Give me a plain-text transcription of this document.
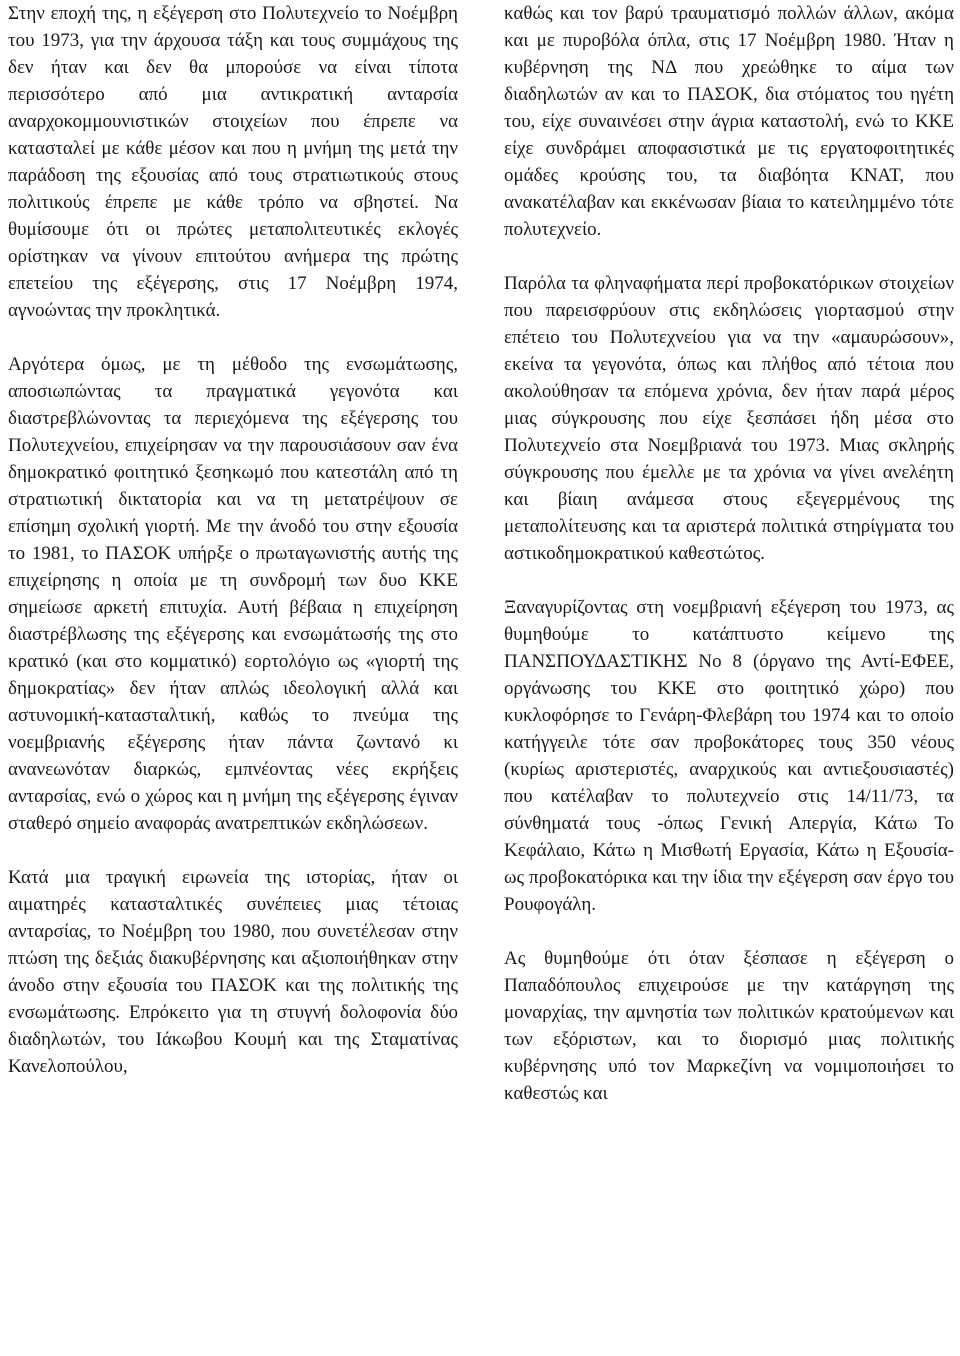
Στην εποχή της, η εξέγερση στο Πολυτεχνείο το Νοέμβρη του 1973, για την άρχουσα τάξη και τους συμμάχους της δεν ήταν και δεν θα μπορούσε να είναι τίποτα περισσότερο από μια αντικρατική ανταρσία αναρχοκομμουνιστικών στοιχείων που έπρεπε να κατασταλεί με κάθε μέσον και που η μνήμη της μετά την παράδοση της εξουσίας από τους στρατιωτικούς στους πολιτικούς έπρεπε με κάθε τρόπο να σβηστεί. Να θυμίσουμε ότι οι πρώτες μεταπολιτευτικές εκλογές ορίστηκαν να γίνουν επιτούτου ανήμερα της πρώτης επετείου της εξέγερσης, στις 17 Νοέμβρη 1974, αγνοώντας την προκλητικά.

Αργότερα όμως, με τη μέθοδο της ενσωμάτωσης, αποσιωπώντας τα πραγματικά γεγονότα και διαστρεβλώνοντας τα περιεχόμενα της εξέγερσης του Πολυτεχνείου, επιχείρησαν να την παρουσιάσουν σαν ένα δημοκρατικό φοιτητικό ξεσηκωμό που κατεστάλη από τη στρατιωτική δικτατορία και να τη μετατρέψουν σε επίσημη σχολική γιορτή. Με την άνοδό του στην εξουσία το 1981, το ΠΑΣΟΚ υπήρξε ο πρωταγωνιστής αυτής της επιχείρησης η οποία με τη συνδρομή των δυο ΚΚΕ σημείωσε αρκετή επιτυχία. Αυτή βέβαια η επιχείρηση διαστρέβλωσης της εξέγερσης και ενσωμάτωσής της στο κρατικό (και στο κομματικό) εορτολόγιο ως «γιορτή της δημοκρατίας» δεν ήταν απλώς ιδεολογική αλλά και αστυνομική-κατασταλτική, καθώς το πνεύμα της νοεμβριανής εξέγερσης ήταν πάντα ζωντανό κι ανανεωνόταν διαρκώς, εμπνέοντας νέες εκρήξεις ανταρσίας, ενώ ο χώρος και η μνήμη της εξέγερσης έγιναν σταθερό σημείο αναφοράς ανατρεπτικών εκδηλώσεων.

Κατά μια τραγική ειρωνεία της ιστορίας, ήταν οι αιματηρές κατασταλτικές συνέπειες μιας τέτοιας ανταρσίας, το Νοέμβρη του 1980, που συνετέλεσαν στην πτώση της δεξιάς διακυβέρνησης και αξιοποιήθηκαν στην άνοδο στην εξουσία του ΠΑΣΟΚ και της πολιτικής της ενσωμάτωσης. Επρόκειτο για τη στυγνή δολοφονία δύο διαδηλωτών, του Ιάκωβου Κουμή και της Σταματίνας Κανελοπούλου,

καθώς και τον βαρύ τραυματισμό πολλών άλλων, ακόμα και με πυροβόλα όπλα, στις 17 Νοέμβρη 1980. Ήταν η κυβέρνηση της ΝΔ που χρεώθηκε το αίμα των διαδηλωτών αν και το ΠΑΣΟΚ, δια στόματος του ηγέτη του, είχε συναινέσει στην άγρια καταστολή, ενώ το ΚΚΕ είχε συνδράμει αποφασιστικά με τις εργατοφοιτητικές ομάδες κρούσης του, τα διαβόητα ΚΝΑΤ, που ανακατέλαβαν και εκκένωσαν βίαια το κατειλημμένο τότε πολυτεχνείο.

Παρόλα τα φληναφήματα περί προβοκατόρικων στοιχείων που παρεισφρύουν στις εκδηλώσεις γιορτασμού στην επέτειο του Πολυτεχνείου για να την «αμαυρώσουν», εκείνα τα γεγονότα, όπως και πλήθος από τέτοια που ακολούθησαν τα επόμενα χρόνια, δεν ήταν παρά μέρος μιας σύγκρουσης που είχε ξεσπάσει ήδη μέσα στο Πολυτεχνείο στα Νοεμβριανά του 1973. Μιας σκληρής σύγκρουσης που έμελλε με τα χρόνια να γίνει ανελέητη και βίαιη ανάμεσα στους εξεγερμένους της μεταπολίτευσης και τα αριστερά πολιτικά στηρίγματα του αστικοδημοκρατικού καθεστώτος.

Ξαναγυρίζοντας στη νοεμβριανή εξέγερση του 1973, ας θυμηθούμε το κατάπτυστο κείμενο της ΠΑΝΣΠΟΥΔΑΣΤΙΚΗΣ Νο 8 (όργανο της Αντί-ΕΦΕΕ, οργάνωσης του ΚΚΕ στο φοιτητικό χώρο) που κυκλοφόρησε το Γενάρη-Φλεβάρη του 1974 και το οποίο κατήγγειλε τότε σαν προβοκάτορες τους 350 νέους (κυρίως αριστεριστές, αναρχικούς και αντιεξουσιαστές) που κατέλαβαν το πολυτεχνείο στις 14/11/73, τα σύνθηματά τους -όπως Γενική Απεργία, Κάτω Το Κεφάλαιο, Κάτω η Μισθωτή Εργασία, Κάτω η Εξουσία-ως προβοκατόρικα και την ίδια την εξέγερση σαν έργο του Ρουφογάλη.

Ας θυμηθούμε ότι όταν ξέσπασε η εξέγερση ο Παπαδόπουλος επιχειρούσε με την κατάργηση της μοναρχίας, την αμνηστία των πολιτικών κρατούμενων και των εξόριστων, και το διορισμό μιας πολιτικής κυβέρνησης υπό τον Μαρκεζίνη να νομιμοποιήσει το καθεστώς και
